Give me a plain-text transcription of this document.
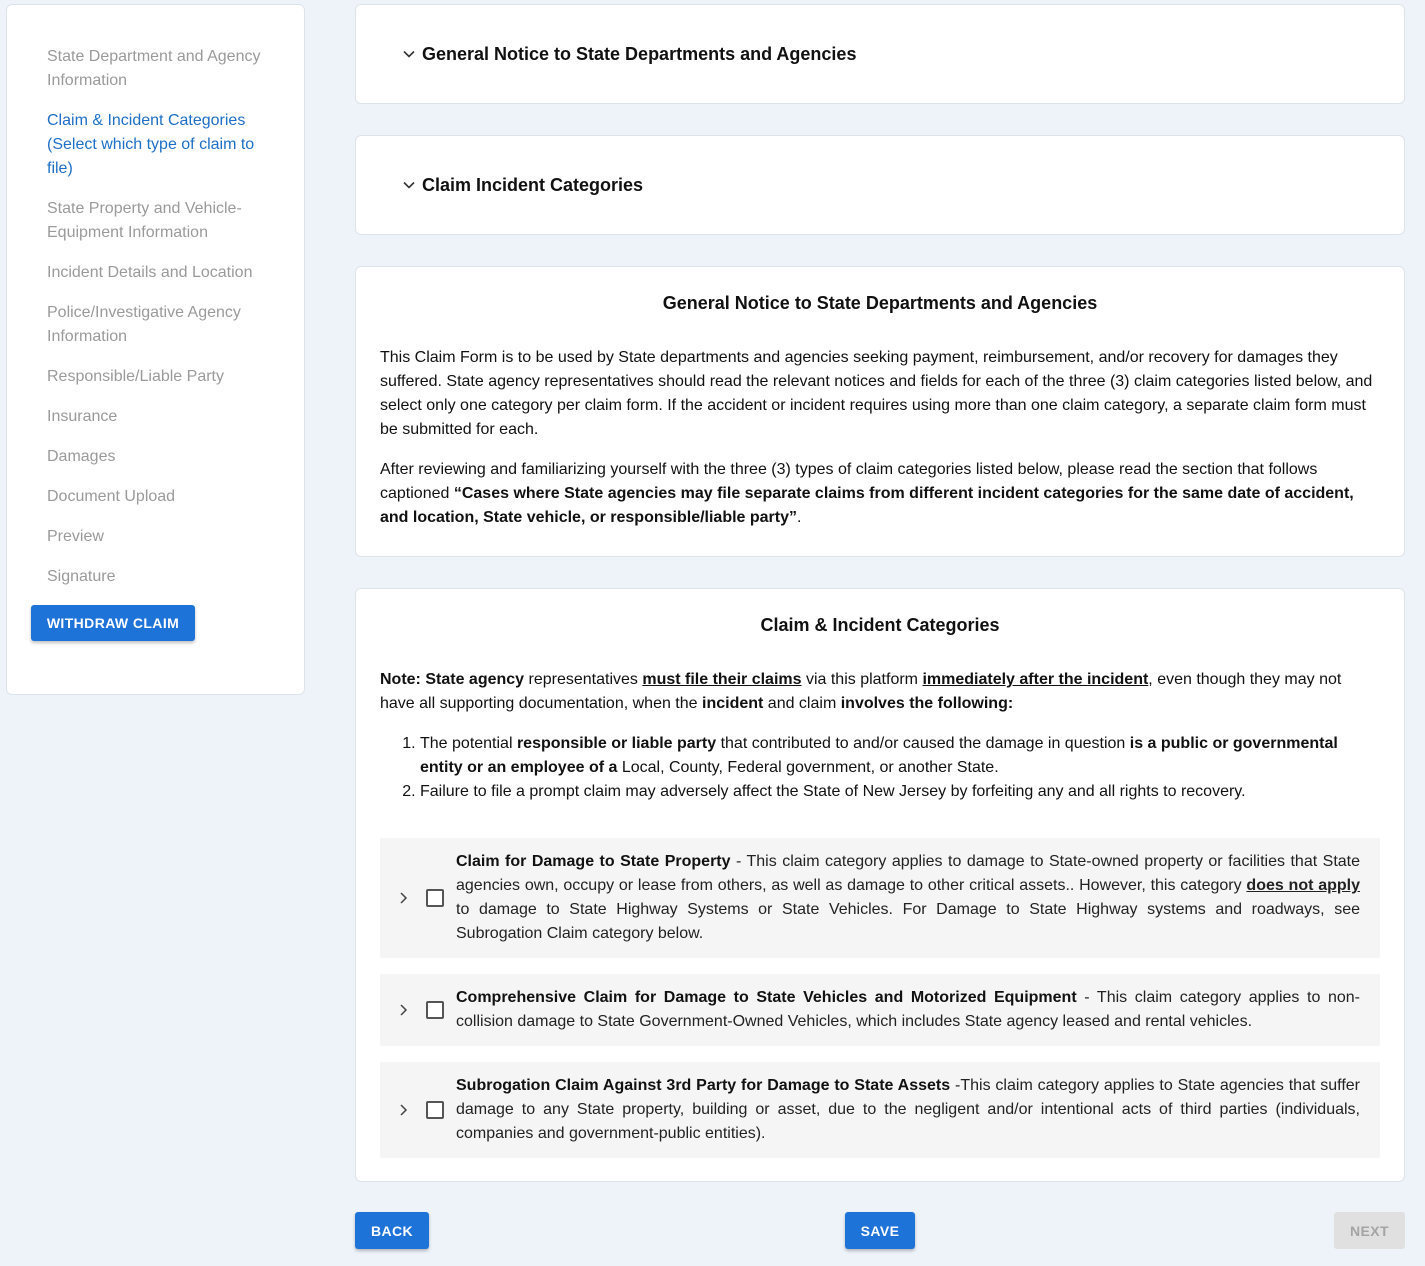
State Department and Agency Information
Claim & Incident Categories (Select which type of claim to file)
State Property and Vehicle-Equipment Information
Incident Details and Location
Police/Investigative Agency Information
Responsible/Liable Party
Insurance
Damages
Document Upload
Preview
Signature
WITHDRAW CLAIM
General Notice to State Departments and Agencies
Claim Incident Categories
General Notice to State Departments and Agencies

This Claim Form is to be used by State departments and agencies seeking payment, reimbursement, and/or recovery for damages they suffered. State agency representatives should read the relevant notices and fields for each of the three (3) claim categories listed below, and select only one category per claim form. If the accident or incident requires using more than one claim category, a separate claim form must be submitted for each.

After reviewing and familiarizing yourself with the three (3) types of claim categories listed below, please read the section that follows captioned “Cases where State agencies may file separate claims from different incident categories for the same date of accident, and location, State vehicle, or responsible/liable party”.

Claim & Incident Categories

Note: State agency representatives must file their claims via this platform immediately after the incident, even though they may not have all supporting documentation, when the incident and claim involves the following:

1. The potential responsible or liable party that contributed to and/or caused the damage in question is a public or governmental entity or an employee of a Local, County, Federal government, or another State.
2. Failure to file a prompt claim may adversely affect the State of New Jersey by forfeiting any and all rights to recovery.
Claim for Damage to State Property - This claim category applies to damage to State-owned property or facilities that State agencies own, occupy or lease from others, as well as damage to other critical assets.. However, this category does not apply to damage to State Highway Systems or State Vehicles. For Damage to State Highway systems and roadways, see Subrogation Claim category below.
Comprehensive Claim for Damage to State Vehicles and Motorized Equipment - This claim category applies to non-collision damage to State Government-Owned Vehicles, which includes State agency leased and rental vehicles.
Subrogation Claim Against 3rd Party for Damage to State Assets -This claim category applies to State agencies that suffer damage to any State property, building or asset, due to the negligent and/or intentional acts of third parties (individuals, companies and government-public entities).
BACK	SAVE	NEXT
